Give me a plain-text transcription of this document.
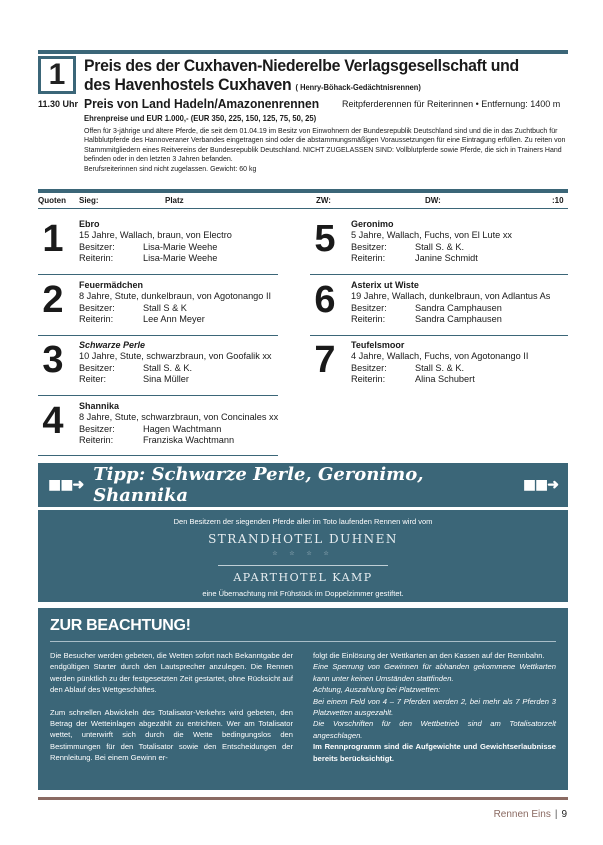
1
11.30 Uhr
Preis des der Cuxhaven-Niederelbe Verlagsgesellschaft und
des Havenhostels Cuxhaven ( Henry-Böhack-Gedächtnisrennen)
Preis von Land Hadeln/Amazonenrennen	Reitpferderennen für Reiterinnen • Entfernung: 1400 m
Ehrenpreise und EUR 1.000,- (EUR 350, 225, 150, 125, 75, 50, 25)
Offen für 3-jährige und ältere Pferde, die seit dem 01.04.19 im Besitz von Einwohnern der Bundesrepublik Deutschland sind und die in das Zuchtbuch für Halbblutpferde des Hannoveraner Verbandes eingetragen sind oder die abstammungsmäßigen Voraussetzungen für eine Eintragung erfüllen. Zu reiten von Stammmitgliedern eines Reitvereins der Bundesrepublik Deutschland. NICHT ZUGELASSEN SIND: Vollblutpferde sowie Pferde, die sich in Trainers Hand befinden oder in den letzten 3 Jahren befanden.
Berufsreiterinnen sind nicht zugelassen. Gewicht: 60 kg
Quoten Sieg:	Platz	ZW:	DW:	:10
1	Ebro
15 Jahre, Wallach, braun, von Electro
Besitzer:	Lisa-Marie Weehe
Reiterin:	Lisa-Marie Weehe
2	Feuermädchen
8 Jahre, Stute, dunkelbraun, von Agotonango II
Besitzer:	Stall S & K
Reiterin:	Lee Ann Meyer
3	Schwarze Perle
10 Jahre, Stute, schwarzbraun, von Goofalik xx
Besitzer:	Stall S. & K.
Reiter:	Sina Müller
4	Shannika
8 Jahre, Stute, schwarzbraun, von Concinales xx
Besitzer:	Hagen Wachtmann
Reiterin:	Franziska Wachtmann
5	Geronimo
5 Jahre, Wallach, Fuchs, von El Lute xx
Besitzer:	Stall S. & K.
Reiterin:	Janine Schmidt
6	Asterix ut Wiste
19 Jahre, Wallach, dunkelbraun, von Adlantus As
Besitzer:	Sandra Camphausen
Reiterin:	Sandra Camphausen
7	Teufelsmoor
4 Jahre, Wallach, Fuchs, von Agotonango II
Besitzer:	Stall S. & K.
Reiterin:	Alina Schubert
■■➜ Tipp: Schwarze Perle, Geronimo, Shannika	■■➜
Den Besitzern der siegenden Pferde aller im Toto laufenden Rennen wird vom
STRANDHOTEL DUHNEN
☆ ☆ ☆ ☆
APARTHOTEL KAMP
eine Übernachtung mit Frühstück im Doppelzimmer gestiftet.
ZUR BEACHTUNG!

Die Besucher werden gebeten, die Wetten sofort nach Bekanntgabe der endgültigen Starter durch den Lautsprecher anzulegen. Die Rennen werden pünktlich zu der festgesetzten Zeit gestartet, ohne Rücksicht auf den Ablauf des Wettgeschäftes.

Zum schnellen Abwickeln des Totalisator-Verkehrs wird gebeten, den Betrag der Wetteinlagen abgezählt zu entrichten. Wer am Totalisator wettet, unterwirft sich durch die Wette bedingungslos den Bestimmungen für den Totalisator sowie den Entscheidungen der Rennleitung. Bei einem Gewinn er-

folgt die Einlösung der Wettkarten an den Kassen auf der Rennbahn.

Eine Sperrung von Gewinnen für abhanden gekommene Wettkarten kann unter keinen Umständen stattfinden.

Achtung, Auszahlung bei Platzwetten:

Bei einem Feld von 4 – 7 Pferden werden 2, bei mehr als 7 Pferden 3 Platzwetten ausgezahlt.

Die Vorschriften für den Wettbetrieb sind am Totalisatorzelt angeschlagen.

Im Rennprogramm sind die Aufgewichte und Gewichtserlaubnisse bereits berücksichtigt.

Rennen Eins | 9
